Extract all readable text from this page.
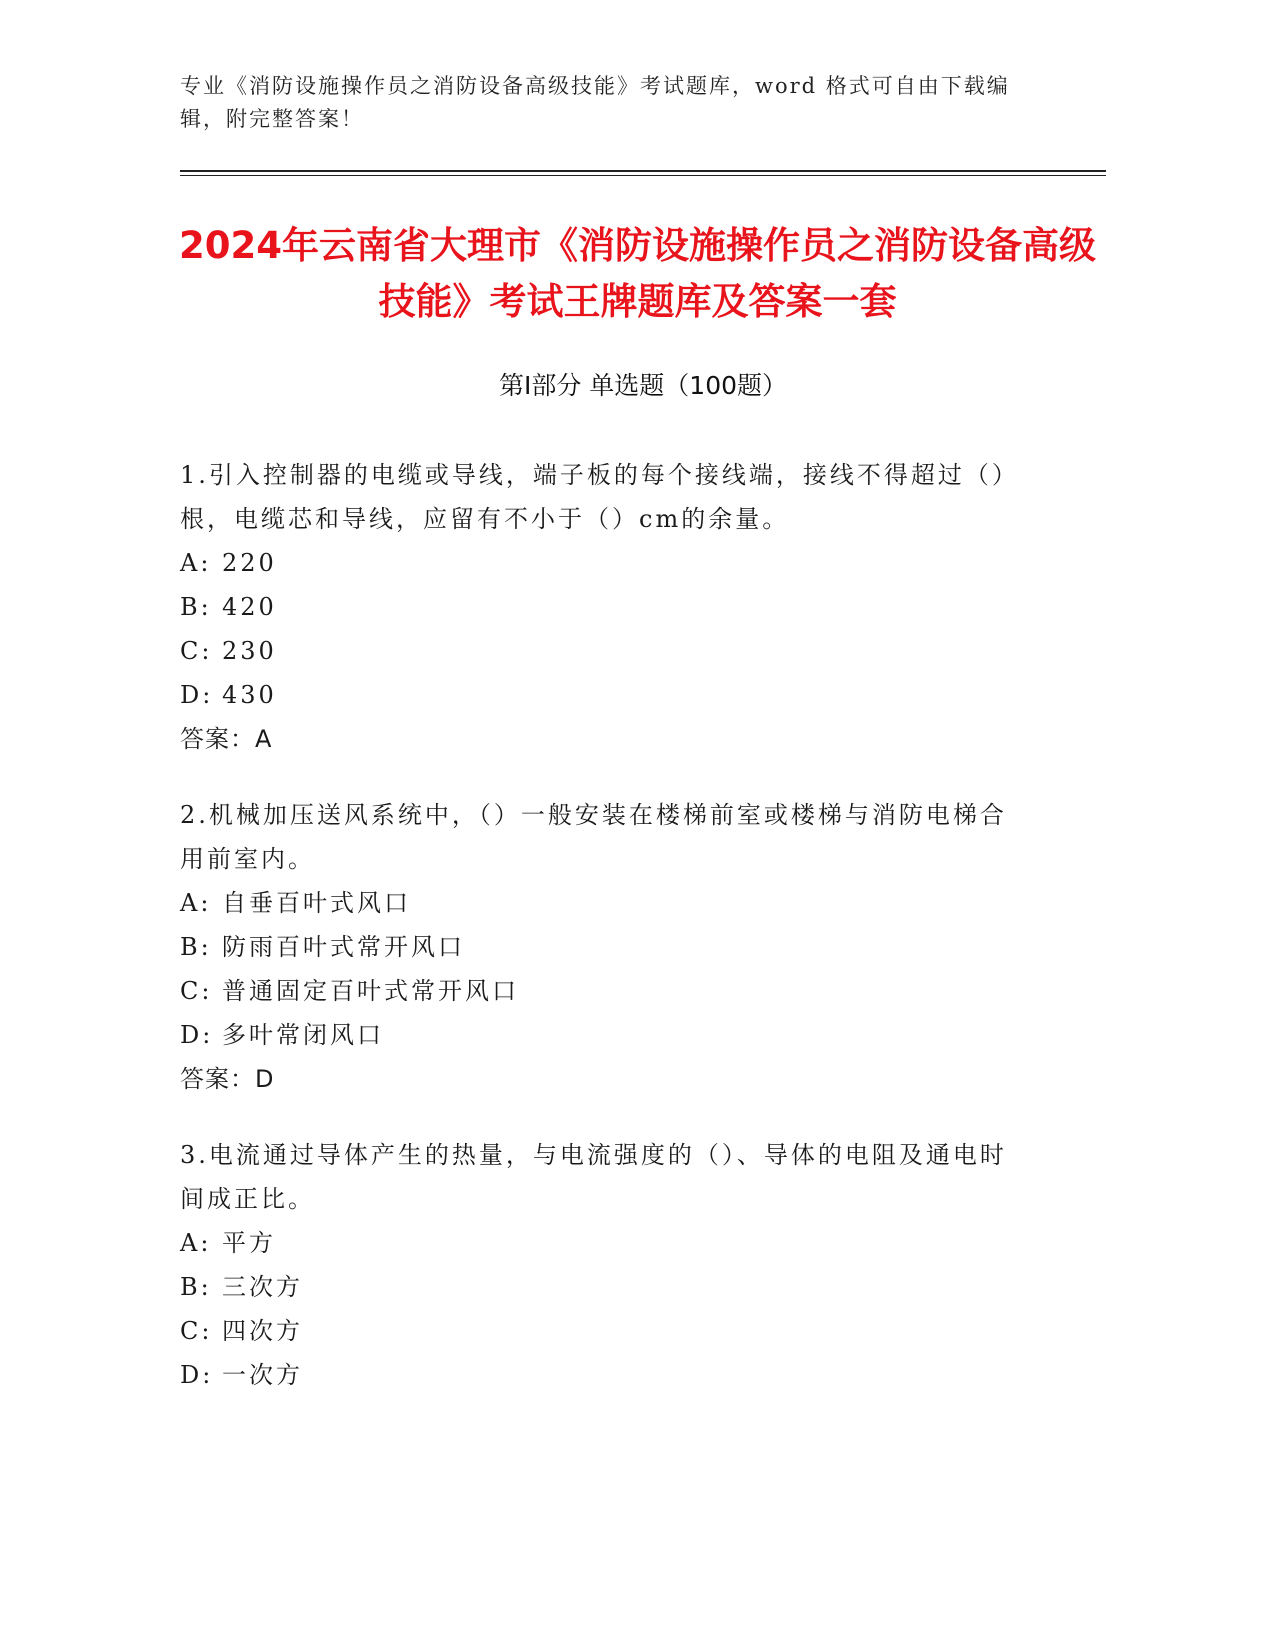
专业《消防设施操作员之消防设备高级技能》考试题库，word 格式可自由下载编辑，附完整答案！
2024年云南省大理市《消防设施操作员之消防设备高级技能》考试王牌题库及答案一套
第Ⅰ部分 单选题（100题）

1.引入控制器的电缆或导线，端子板的每个接线端，接线不得超过（）根，电缆芯和导线，应留有不小于（）cm的余量。

A: 220

B: 420

C: 230

D: 430

答案：A

2.机械加压送风系统中，（）一般安装在楼梯前室或楼梯与消防电梯合用前室内。

A: 自垂百叶式风口

B: 防雨百叶式常开风口

C: 普通固定百叶式常开风口

D: 多叶常闭风口

答案：D

3.电流通过导体产生的热量，与电流强度的（）、导体的电阻及通电时间成正比。

A: 平方

B: 三次方

C: 四次方

D: 一次方
